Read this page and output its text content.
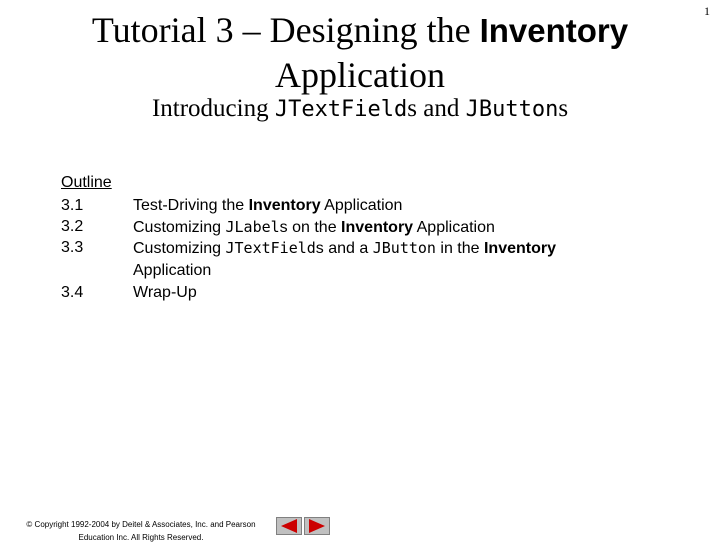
1
Tutorial 3 – Designing the Inventory
Application
Introducing JTextFields and JButtons
Outline
3.1	Test-Driving the Inventory Application
3.2	Customizing JLabels on the Inventory Application
3.3	Customizing JTextFields and a JButton in the Inventory
Application
3.4	Wrap-Up
© Copyright 1992-2004 by Deitel & Associates, Inc. and Pearson
Education Inc. All Rights Reserved.
